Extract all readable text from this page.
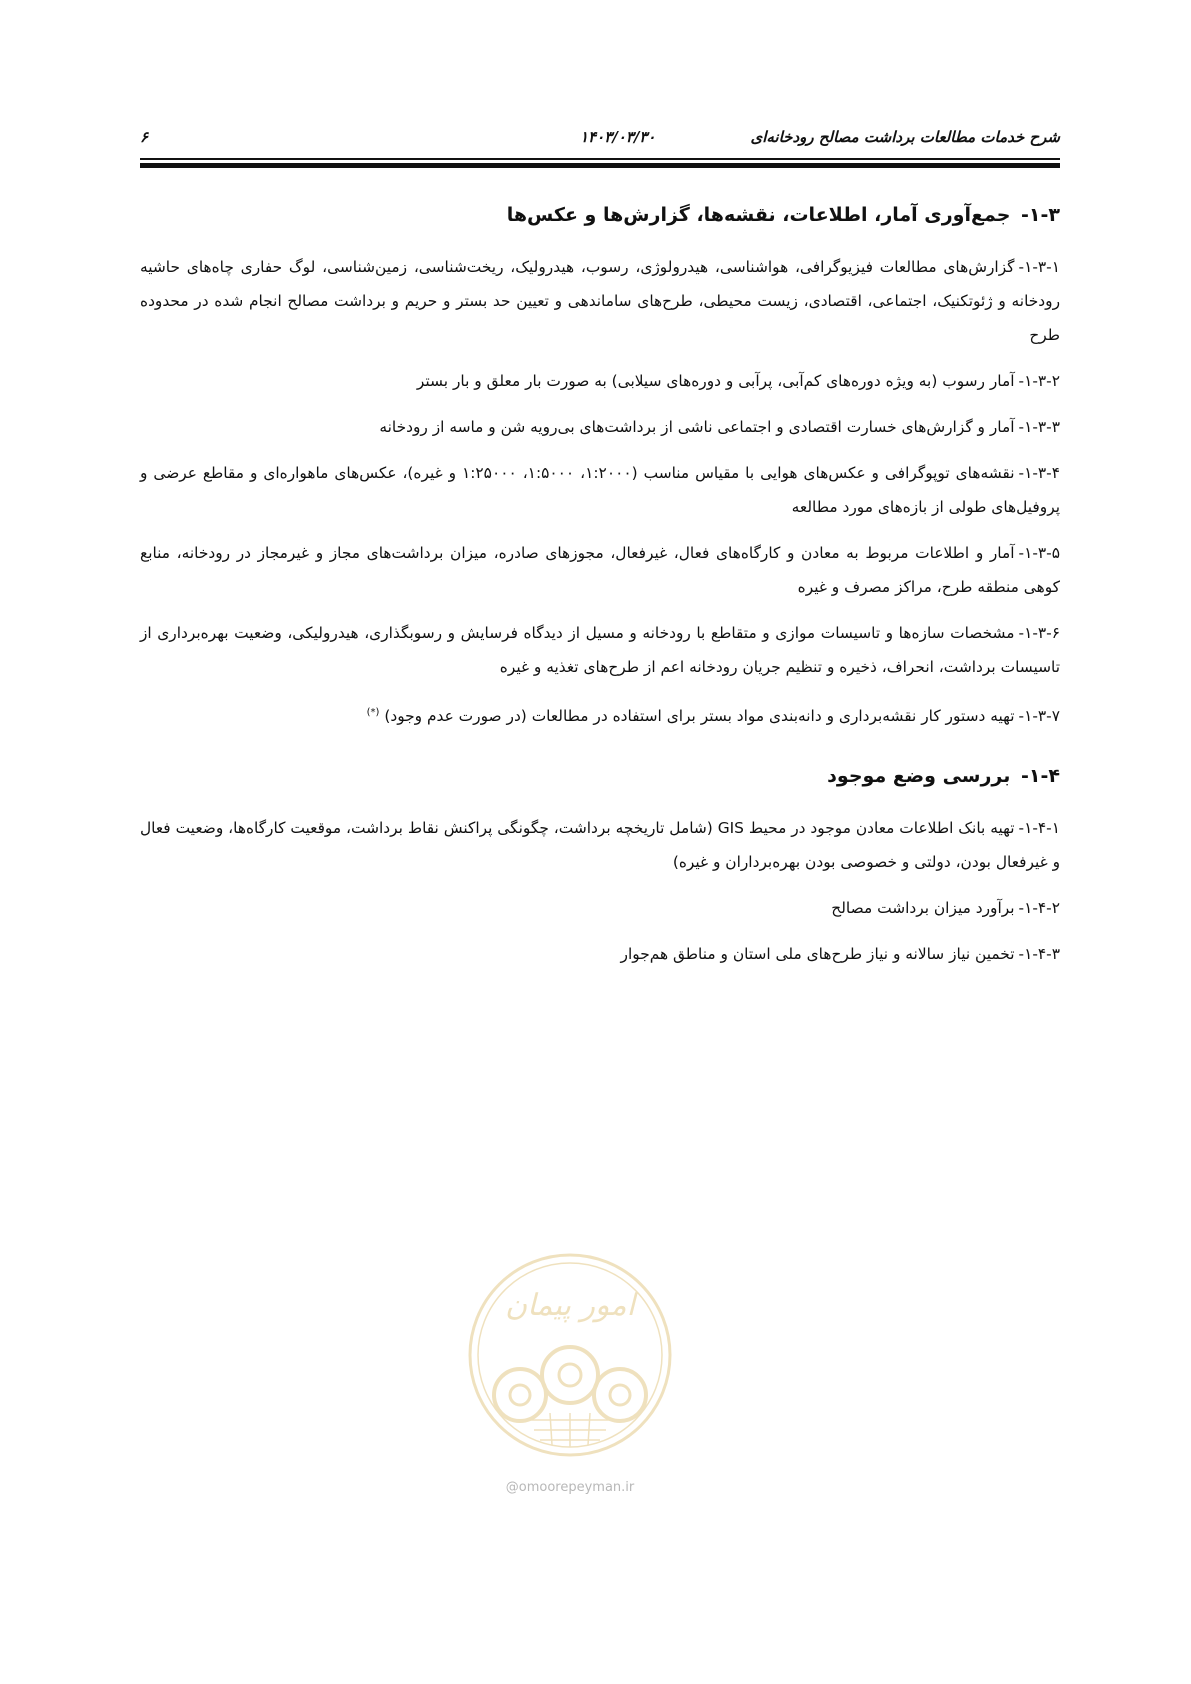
شرح خدمات مطالعات برداشت مصالح رودخانه‌ای
۱۴۰۳/۰۳/۳۰
۶
۱-۳- جمع‌آوری آمار، اطلاعات، نقشه‌ها، گزارش‌ها و عکس‌ها

۱-۳-۱-گزارش‌های مطالعات فیزیوگرافی، هواشناسی، هیدرولوژی، رسوب، هیدرولیک، ریخت‌شناسی، زمین‌شناسی، لوگ حفاری چاه‌های حاشیه رودخانه و ژئوتکنیک، اجتماعی، اقتصادی، زیست محیطی، طرح‌های ساماندهی و تعیین حد بستر و حریم و برداشت مصالح انجام شده در محدوده طرح

۱-۳-۲-آمار رسوب (به ویژه دوره‌های کم‌آبی، پرآبی و دوره‌های سیلابی) به صورت بار معلق و بار بستر

۱-۳-۳-آمار و گزارش‌های خسارت اقتصادی و اجتماعی ناشی از برداشت‌های بی‌رویه شن و ماسه از رودخانه

۱-۳-۴-نقشه‌های توپوگرافی و عکس‌های هوایی با مقیاس مناسب (۱:۲۰۰۰، ۱:۵۰۰۰، ۱:۲۵۰۰۰ و غیره)، عکس‌های ماهواره‌ای و مقاطع عرضی و پروفیل‌های طولی از بازه‌های مورد مطالعه

۱-۳-۵-آمار و اطلاعات مربوط به معادن و کارگاه‌های فعال، غیرفعال، مجوزهای صادره، میزان برداشت‌های مجاز و غیرمجاز در رودخانه، منابع کوهی منطقه طرح، مراکز مصرف و غیره

۱-۳-۶-مشخصات سازه‌ها و تاسیسات موازی و متقاطع با رودخانه و مسیل از دیدگاه فرسایش و رسوبگذاری، هیدرولیکی، وضعیت بهره‌برداری از تاسیسات برداشت، انحراف، ذخیره و تنظیم جریان رودخانه اعم از طرح‌های تغذیه و غیره

۱-۳-۷-تهیه دستور کار نقشه‌برداری و دانه‌بندی مواد بستر برای استفاده در مطالعات (در صورت عدم وجود) (*)

۱-۴- بررسی وضع موجود

۱-۴-۱-تهیه بانک اطلاعات معادن موجود در محیط GIS (شامل تاریخچه برداشت، چگونگی پراکنش نقاط برداشت، موقعیت کارگاه‌ها، وضعیت فعال و غیرفعال بودن، دولتی و خصوصی بودن بهره‌برداران و غیره)

۱-۴-۲-برآورد میزان برداشت مصالح

۱-۴-۳-تخمین نیاز سالانه و نیاز طرح‌های ملی استان و مناطق هم‌جوار

امور پیمان
@omoorepeyman.ir
